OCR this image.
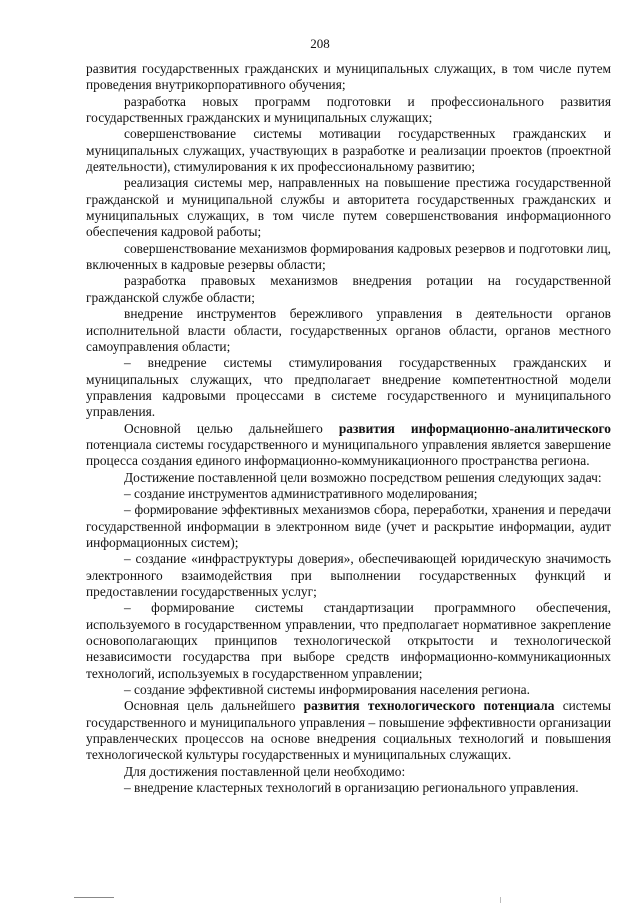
208

развития государственных гражданских и муниципальных служащих, в том числе путем проведения внутрикорпоративного обучения;

разработка новых программ подготовки и профессионального развития государственных гражданских и муниципальных служащих;

совершенствование системы мотивации государственных гражданских и муниципальных служащих, участвующих в разработке и реализации проектов (проектной деятельности), стимулирования к их профессиональному развитию;

реализация системы мер, направленных на повышение престижа государственной гражданской и муниципальной службы и авторитета государственных гражданских и муниципальных служащих, в том числе путем совершенствования информационного обеспечения кадровой работы;

совершенствование механизмов формирования кадровых резервов и подготовки лиц, включенных в кадровые резервы области;

разработка правовых механизмов внедрения ротации на государственной гражданской службе области;

внедрение инструментов бережливого управления в деятельности органов исполнительной власти области, государственных органов области, органов местного самоуправления области;

– внедрение системы стимулирования государственных гражданских и муниципальных служащих, что предполагает внедрение компетентностной модели управления кадровыми процессами в системе государственного и муниципального управления.

Основной целью дальнейшего развития информационно-аналитического потенциала системы государственного и муниципального управления является завершение процесса создания единого информационно-коммуникационного пространства региона.

Достижение поставленной цели возможно посредством решения следующих задач:

– создание инструментов административного моделирования;

– формирование эффективных механизмов сбора, переработки, хранения и передачи государственной информации в электронном виде (учет и раскрытие информации, аудит информационных систем);

– создание «инфраструктуры доверия», обеспечивающей юридическую значимость электронного взаимодействия при выполнении государственных функций и предоставлении государственных услуг;

– формирование системы стандартизации программного обеспечения, используемого в государственном управлении, что предполагает нормативное закрепление основополагающих принципов технологической открытости и технологической независимости государства при выборе средств информационно-коммуникационных технологий, используемых в государственном управлении;

– создание эффективной системы информирования населения региона.

Основная цель дальнейшего развития технологического потенциала системы государственного и муниципального управления – повышение эффективности организации управленческих процессов на основе внедрения социальных технологий и повышения технологической культуры государственных и муниципальных служащих.

Для достижения поставленной цели необходимо:

– внедрение кластерных технологий в организацию регионального управления.
